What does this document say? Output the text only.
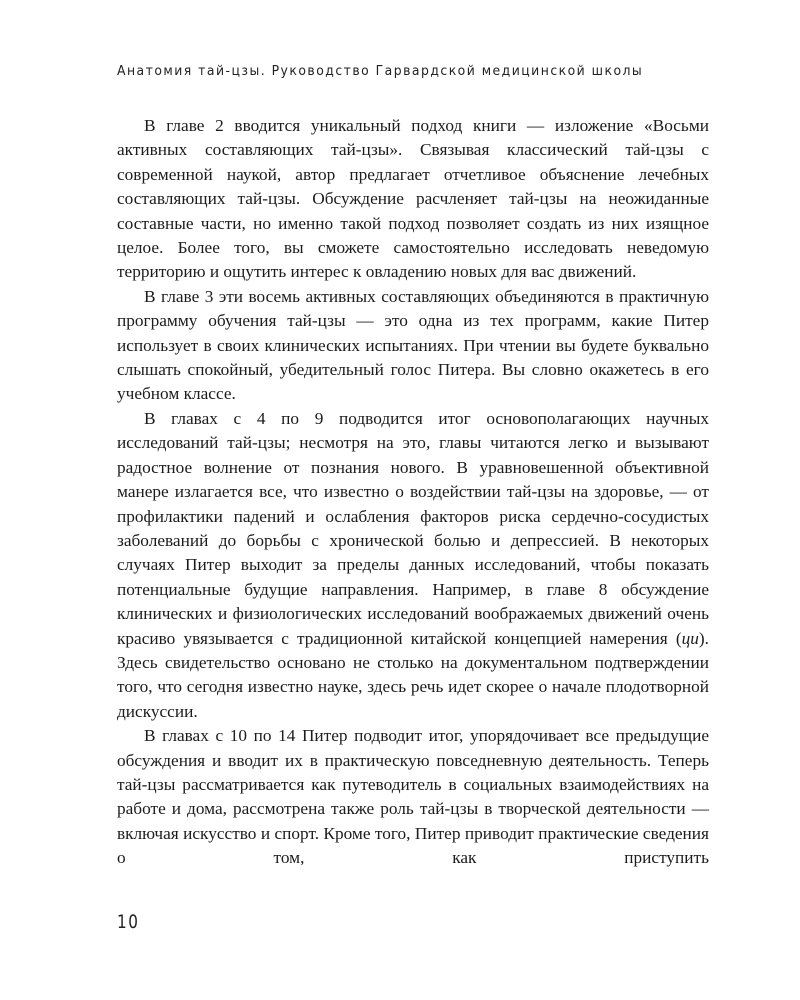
Анатомия тай-цзы. Руководство Гарвардской медицинской школы

В главе 2 вводится уникальный подход книги — изложение «Восьми активных составляющих тай-цзы». Связывая классический тай-цзы с современной наукой, автор предлагает отчетливое объяснение лечебных составляющих тай-цзы. Обсуждение расчленяет тай-цзы на неожиданные составные части, но именно такой подход позволяет создать из них изящное целое. Более того, вы сможете самостоятельно исследовать неведомую территорию и ощутить интерес к овладению новых для вас движений.

В главе 3 эти восемь активных составляющих объединяются в практичную программу обучения тай-цзы — это одна из тех программ, какие Питер использует в своих клинических испытаниях. При чтении вы будете буквально слышать спокойный, убедительный голос Питера. Вы словно окажетесь в его учебном классе.

В главах с 4 по 9 подводится итог основополагающих научных исследований тай-цзы; несмотря на это, главы читаются легко и вызывают радостное волнение от познания нового. В уравновешенной объективной манере излагается все, что известно о воздействии тай-цзы на здоровье, — от профилактики падений и ослабления факторов риска сердечно-сосудистых заболеваний до борьбы с хронической болью и депрессией. В некоторых случаях Питер выходит за пределы данных исследований, чтобы показать потенциальные будущие направления. Например, в главе 8 обсуждение клинических и физиологических исследований воображаемых движений очень красиво увязывается с традиционной китайской концепцией намерения (ци). Здесь свидетельство основано не столько на документальном подтверждении того, что сегодня известно науке, здесь речь идет скорее о начале плодотворной дискуссии.

В главах с 10 по 14 Питер подводит итог, упорядочивает все предыдущие обсуждения и вводит их в практическую повседневную деятельность. Теперь тай-цзы рассматривается как путеводитель в социальных взаимодействиях на работе и дома, рассмотрена также роль тай-цзы в творческой деятельности — включая искусство и спорт. Кроме того, Питер приводит практические сведения о том, как приступить

10
